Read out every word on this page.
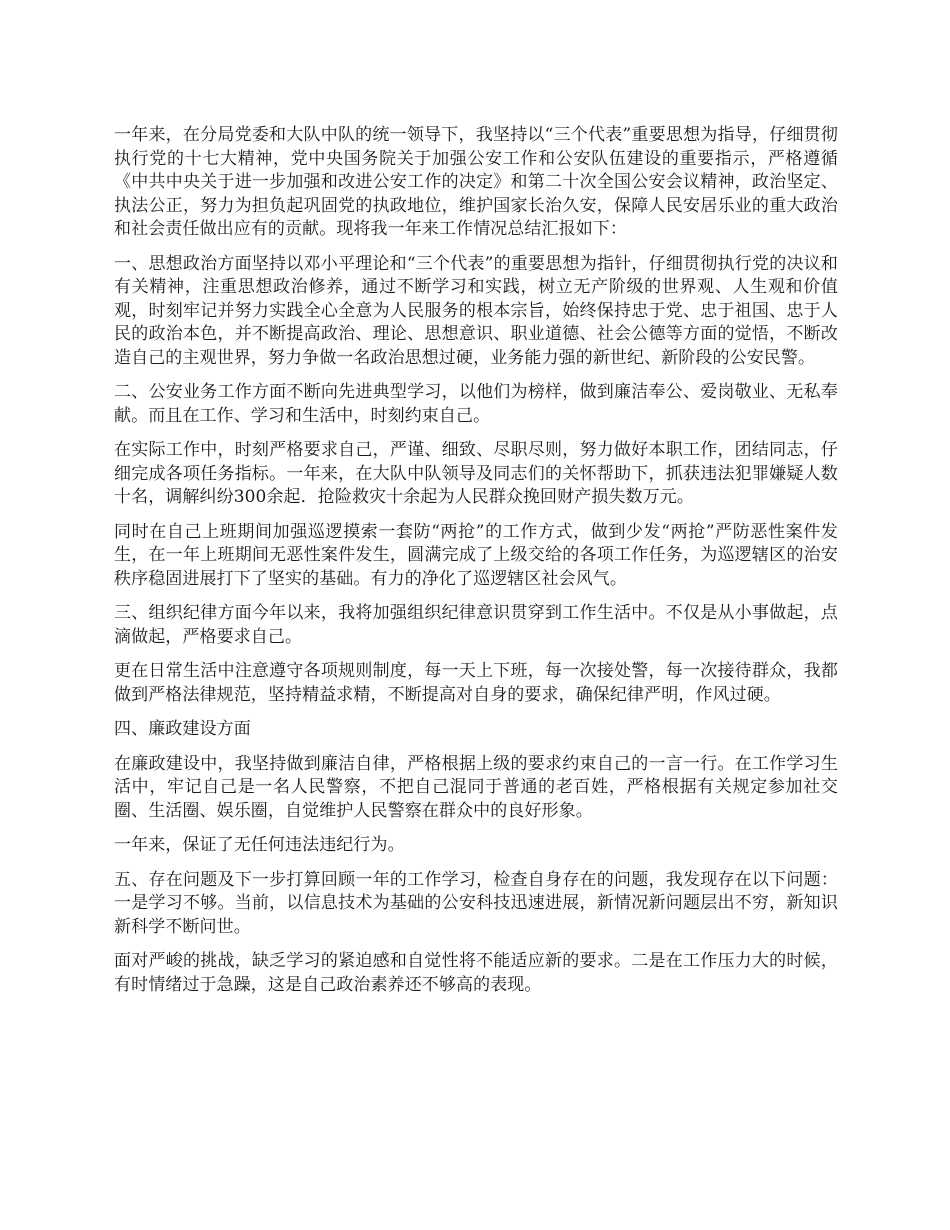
一年来，在分局党委和大队中队的统一领导下，我坚持以“三个代表”重要思想为指导，仔细贯彻执行党的十七大精神，党中央国务院关于加强公安工作和公安队伍建设的重要指示，严格遵循《中共中央关于进一步加强和改进公安工作的决定》和第二十次全国公安会议精神，政治坚定、执法公正，努力为担负起巩固党的执政地位，维护国家长治久安，保障人民安居乐业的重大政治和社会责任做出应有的贡献。现将我一年来工作情况总结汇报如下：

一、思想政治方面坚持以邓小平理论和“三个代表”的重要思想为指针，仔细贯彻执行党的决议和有关精神，注重思想政治修养，通过不断学习和实践，树立无产阶级的世界观、人生观和价值观，时刻牢记并努力实践全心全意为人民服务的根本宗旨，始终保持忠于党、忠于祖国、忠于人民的政治本色，并不断提高政治、理论、思想意识、职业道德、社会公德等方面的觉悟，不断改造自己的主观世界，努力争做一名政治思想过硬，业务能力强的新世纪、新阶段的公安民警。

二、公安业务工作方面不断向先进典型学习，以他们为榜样，做到廉洁奉公、爱岗敬业、无私奉献。而且在工作、学习和生活中，时刻约束自己。

在实际工作中，时刻严格要求自己，严谨、细致、尽职尽则，努力做好本职工作，团结同志，仔细完成各项任务指标。一年来，在大队中队领导及同志们的关怀帮助下，抓获违法犯罪嫌疑人数十名，调解纠纷300余起．抢险救灾十余起为人民群众挽回财产损失数万元。

同时在自己上班期间加强巡逻摸索一套防“两抢”的工作方式，做到少发“两抢”严防恶性案件发生，在一年上班期间无恶性案件发生，圆满完成了上级交给的各项工作任务，为巡逻辖区的治安秩序稳固进展打下了坚实的基础。有力的净化了巡逻辖区社会风气。

三、组织纪律方面今年以来，我将加强组织纪律意识贯穿到工作生活中。不仅是从小事做起，点滴做起，严格要求自己。

更在日常生活中注意遵守各项规则制度，每一天上下班，每一次接处警，每一次接待群众，我都做到严格法律规范，坚持精益求精，不断提高对自身的要求，确保纪律严明，作风过硬。

四、廉政建设方面

在廉政建设中，我坚持做到廉洁自律，严格根据上级的要求约束自己的一言一行。在工作学习生活中，牢记自己是一名人民警察，不把自己混同于普通的老百姓，严格根据有关规定参加社交圈、生活圈、娱乐圈，自觉维护人民警察在群众中的良好形象。

一年来，保证了无任何违法违纪行为。

五、存在问题及下一步打算回顾一年的工作学习，检查自身存在的问题，我发现存在以下问题：一是学习不够。当前，以信息技术为基础的公安科技迅速进展，新情况新问题层出不穷，新知识新科学不断问世。

面对严峻的挑战，缺乏学习的紧迫感和自觉性将不能适应新的要求。二是在工作压力大的时候，有时情绪过于急躁，这是自己政治素养还不够高的表现。
